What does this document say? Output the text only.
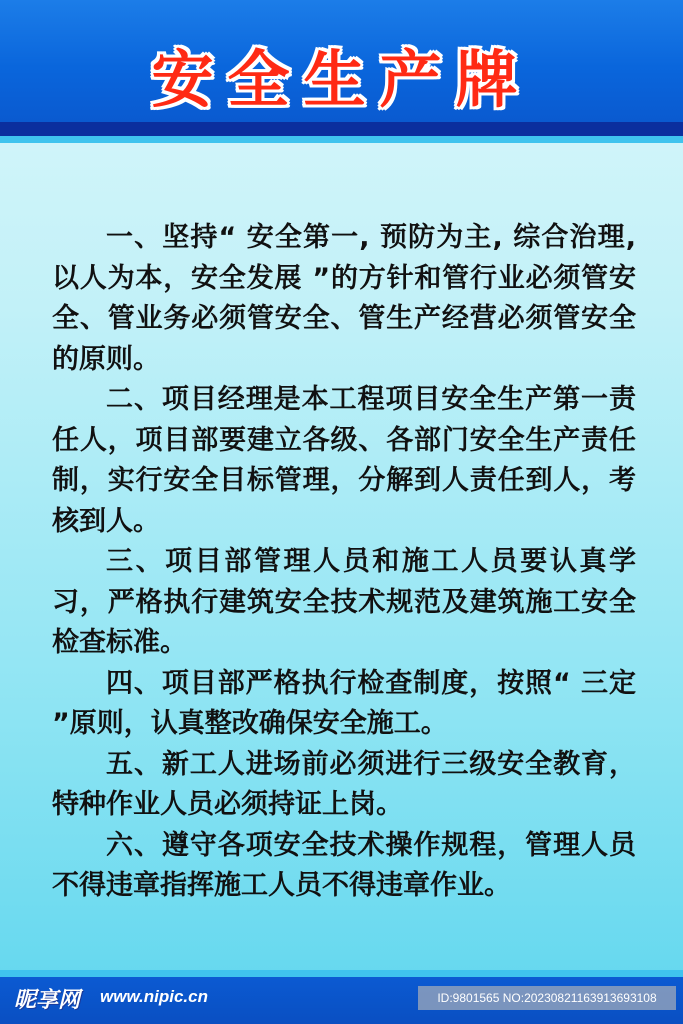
安全生产牌

一、坚持“ 安全第一, 预防为主, 综合治理, 以人为本，安全发展 ”的方针和管行业必须管安全、管业务必须管安全、管生产经营必须管安全的原则。

二、项目经理是本工程项目安全生产第一责任人，项目部要建立各级、各部门安全生产责任制，实行安全目标管理，分解到人责任到人，考核到人。

三、项目部管理人员和施工人员要认真学习，严格执行建筑安全技术规范及建筑施工安全检查标准。

四、项目部严格执行检查制度，按照“ 三定 ”原则，认真整改确保安全施工。

五、新工人进场前必须进行三级安全教育，特种作业人员必须持证上岗。

六、遵守各项安全技术操作规程，管理人员不得违章指挥施工人员不得违章作业。

昵享网 www.nipic.cn	ID:9801565 NO:20230821163913693108
